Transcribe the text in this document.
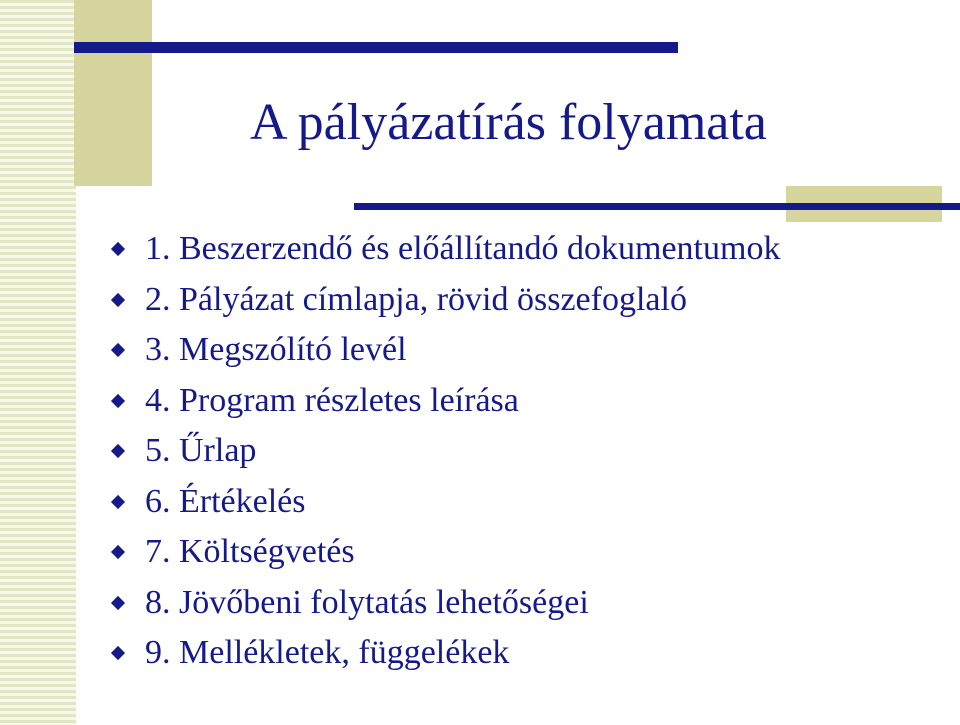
A pályázatírás folyamata
1. Beszerzendő és előállítandó dokumentumok
2. Pályázat címlapja, rövid összefoglaló
3. Megszólító levél
4. Program részletes leírása
5. Űrlap
6. Értékelés
7. Költségvetés
8. Jövőbeni folytatás lehetőségei
9. Mellékletek, függelékek
